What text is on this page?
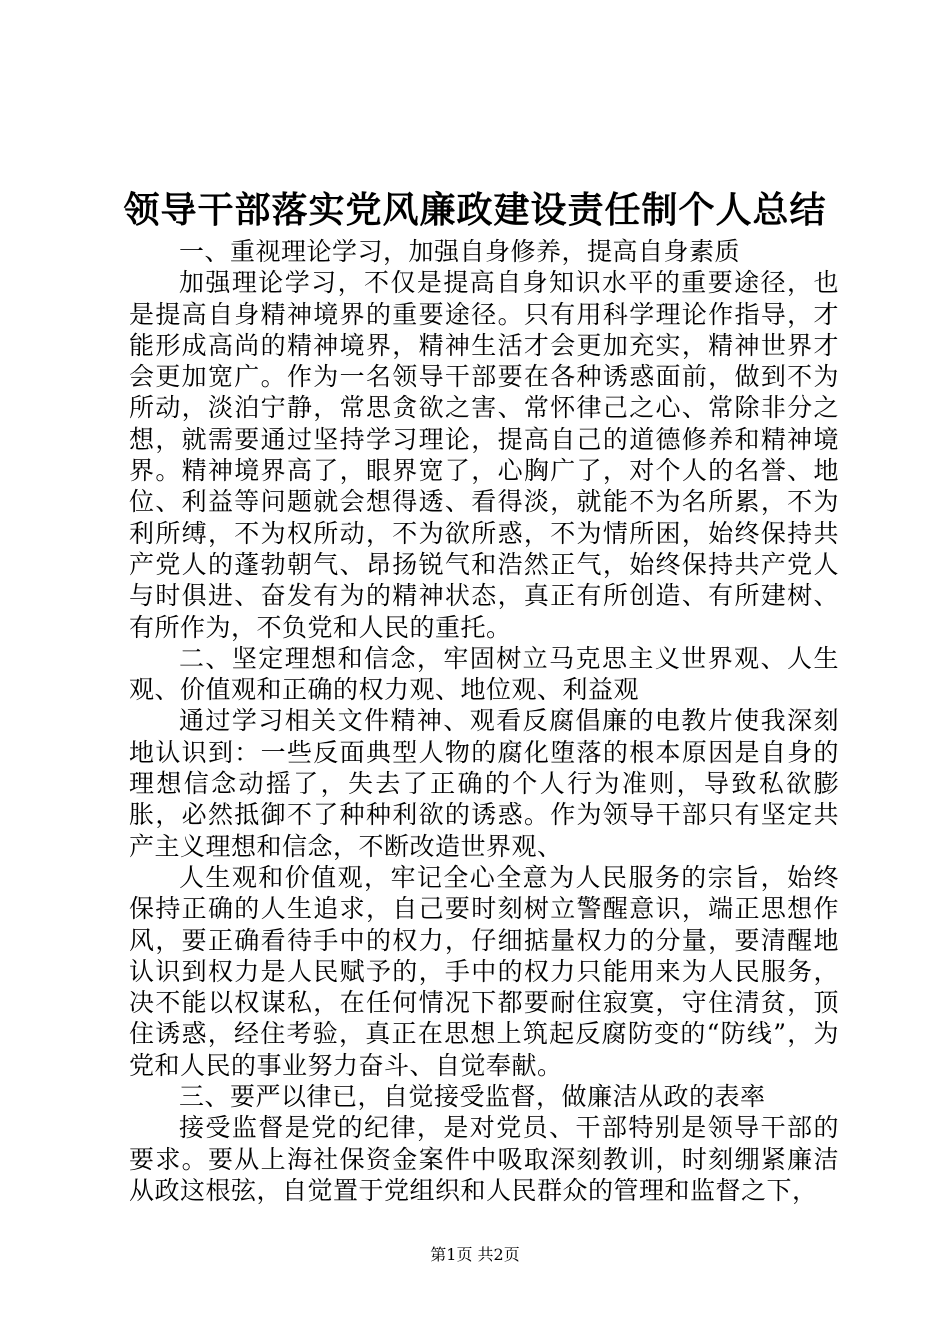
领导干部落实党风廉政建设责任制个人总结

一、重视理论学习，加强自身修养，提高自身素质

加强理论学习，不仅是提高自身知识水平的重要途径，也是提高自身精神境界的重要途径。只有用科学理论作指导，才能形成高尚的精神境界，精神生活才会更加充实，精神世界才会更加宽广。作为一名领导干部要在各种诱惑面前，做到不为所动，淡泊宁静，常思贪欲之害、常怀律己之心、常除非分之想，就需要通过坚持学习理论，提高自己的道德修养和精神境界。精神境界高了，眼界宽了，心胸广了，对个人的名誉、地位、利益等问题就会想得透、看得淡，就能不为名所累，不为利所缚，不为权所动，不为欲所惑，不为情所困，始终保持共产党人的蓬勃朝气、昂扬锐气和浩然正气，始终保持共产党人与时俱进、奋发有为的精神状态，真正有所创造、有所建树、有所作为，不负党和人民的重托。

二、坚定理想和信念，牢固树立马克思主义世界观、人生观、价值观和正确的权力观、地位观、利益观

通过学习相关文件精神、观看反腐倡廉的电教片使我深刻地认识到：一些反面典型人物的腐化堕落的根本原因是自身的理想信念动摇了，失去了正确的个人行为准则，导致私欲膨胀，必然抵御不了种种利欲的诱惑。作为领导干部只有坚定共产主义理想和信念，不断改造世界观、

人生观和价值观，牢记全心全意为人民服务的宗旨，始终保持正确的人生追求，自己要时刻树立警醒意识，端正思想作风，要正确看待手中的权力，仔细掂量权力的分量，要清醒地认识到权力是人民赋予的，手中的权力只能用来为人民服务，决不能以权谋私，在任何情况下都要耐住寂寞，守住清贫，顶住诱惑，经住考验，真正在思想上筑起反腐防变的“防线”，为党和人民的事业努力奋斗、自觉奉献。

三、要严以律已，自觉接受监督，做廉洁从政的表率

接受监督是党的纪律，是对党员、干部特别是领导干部的要求。要从上海社保资金案件中吸取深刻教训，时刻绷紧廉洁从政这根弦，自觉置于党组织和人民群众的管理和监督之下，

第1页 共2页
